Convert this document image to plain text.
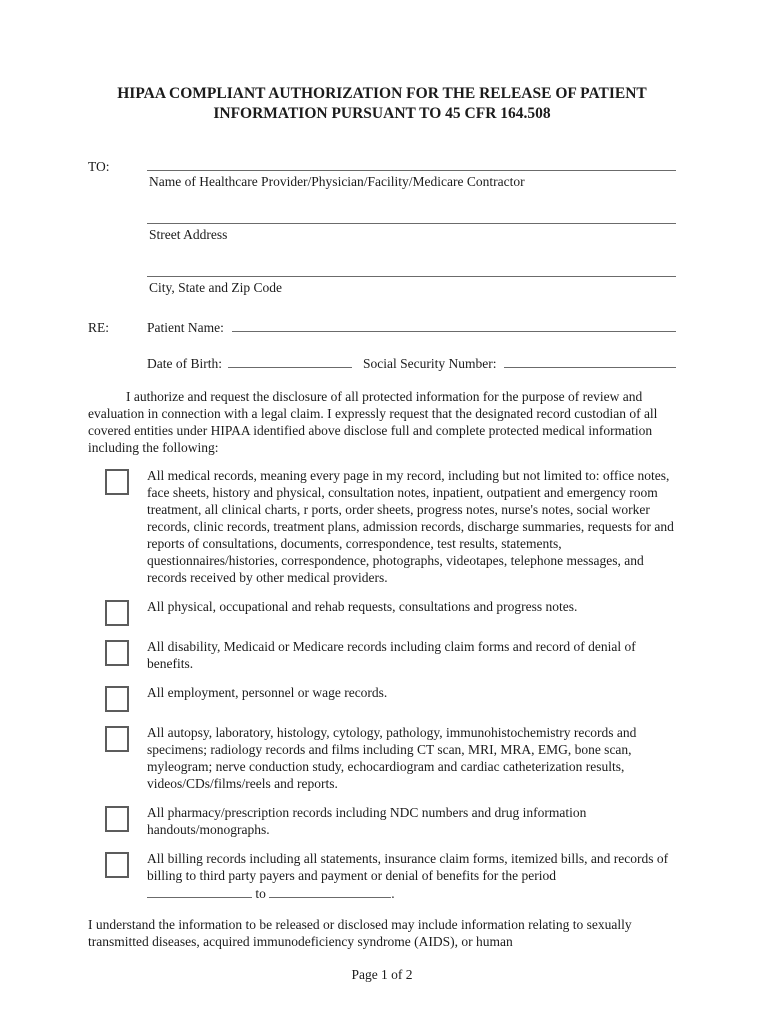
HIPAA COMPLIANT AUTHORIZATION FOR THE RELEASE OF PATIENT
INFORMATION PURSUANT TO 45 CFR 164.508
TO:
Name of Healthcare Provider/Physician/Facility/Medicare Contractor
Street Address
City, State and Zip Code
RE:	Patient Name:
Date of Birth:	Social Security Number:
I authorize and request the disclosure of all protected information for the purpose of review and evaluation in connection with a legal claim. I expressly request that the designated record custodian of all covered entities under HIPAA identified above disclose full and complete protected medical information including the following:
All medical records, meaning every page in my record, including but not limited to: office notes, face sheets, history and physical, consultation notes, inpatient, outpatient and emergency room treatment, all clinical charts, r ports, order sheets, progress notes, nurse's notes, social worker records, clinic records, treatment plans, admission records, discharge summaries, requests for and reports of consultations, documents, correspondence, test results, statements, questionnaires/histories, correspondence, photographs, videotapes, telephone messages, and records received by other medical providers.
All physical, occupational and rehab requests, consultations and progress notes.
All disability, Medicaid or Medicare records including claim forms and record of denial of benefits.
All employment, personnel or wage records.
All autopsy, laboratory, histology, cytology, pathology, immunohistochemistry records and specimens; radiology records and films including CT scan, MRI, MRA, EMG, bone scan, myleogram; nerve conduction study, echocardiogram and cardiac catheterization results, videos/CDs/films/reels and reports.
All pharmacy/prescription records including NDC numbers and drug information handouts/monographs.
All billing records including all statements, insurance claim forms, itemized bills, and records of billing to third party payers and payment or denial of benefits for the period
to	.
I understand the information to be released or disclosed may include information relating to sexually transmitted diseases, acquired immunodeficiency syndrome (AIDS), or human
Page 1 of 2
